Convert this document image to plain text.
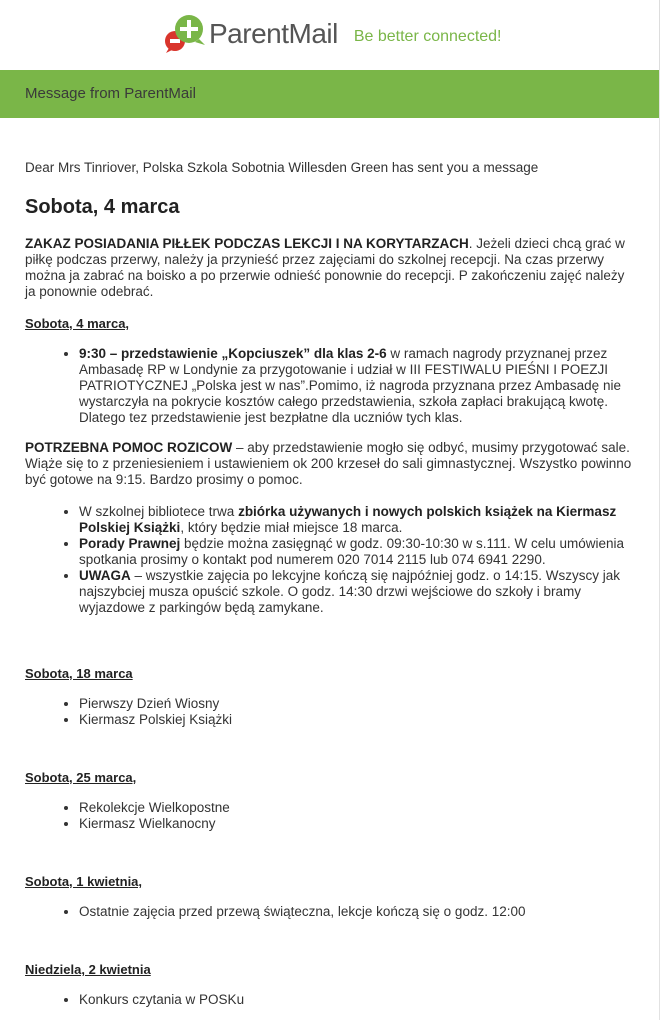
ParentMail Be better connected!
Message from ParentMail
Dear Mrs Tinriover, Polska Szkola Sobotnia Willesden Green has sent you a message
Sobota, 4 marca

ZAKAZ POSIADANIA PIŁŁEK PODCZAS LEKCJI I NA KORYTARZACH. Jeżeli dzieci chcą grać w piłkę podczas przerwy, należy ja przynieść przez zajęciami do szkolnej recepcji. Na czas przerwy można ja zabrać na boisko a po przerwie odnieść ponownie do recepcji. P zakończeniu zajęć należy ja ponownie odebrać.

Sobota, 4 marca,
• 9:30 – przedstawienie „Kopciuszek” dla klas 2-6 w ramach nagrody przyznanej przez Ambasadę RP w Londynie za przygotowanie i udział w III FESTIWALU PIEŚNI I POEZJI PATRIOTYCZNEJ „Polska jest w nas”.Pomimo, iż nagroda przyznana przez Ambasadę nie wystarczyła na pokrycie kosztów całego przedstawienia, szkoła zapłaci brakującą kwotę. Dlatego tez przedstawienie jest bezpłatne dla uczniów tych klas.

POTRZEBNA POMOC ROZICOW – aby przedstawienie mogło się odbyć, musimy przygotować sale. Wiąże się to z przeniesieniem i ustawieniem ok 200 krzeseł do sali gimnastycznej. Wszystko powinno być gotowe na 9:15. Bardzo prosimy o pomoc.

• W szkolnej bibliotece trwa zbiórka używanych i nowych polskich książek na Kiermasz Polskiej Książki, który będzie miał miejsce 18 marca.
• Porady Prawnej będzie można zasięgnąć w godz. 09:30-10:30 w s.111. W celu umówienia spotkania prosimy o kontakt pod numerem 020 7014 2115 lub 074 6941 2290.
• UWAGA – wszystkie zajęcia po lekcyjne kończą się najpóźniej godz. o 14:15. Wszyscy jak najszybciej musza opuścić szkole. O godz. 14:30 drzwi wejściowe do szkoły i bramy wyjazdowe z parkingów będą zamykane.
Sobota, 18 marca
• Pierwszy Dzień Wiosny
• Kiermasz Polskiej Książki
Sobota, 25 marca,
• Rekolekcje Wielkopostne
• Kiermasz Wielkanocny
Sobota, 1 kwietnia,
• Ostatnie zajęcia przed przewą świąteczna, lekcje kończą się o godz. 12:00
Niedziela, 2 kwietnia
• Konkurs czytania w POSKu
